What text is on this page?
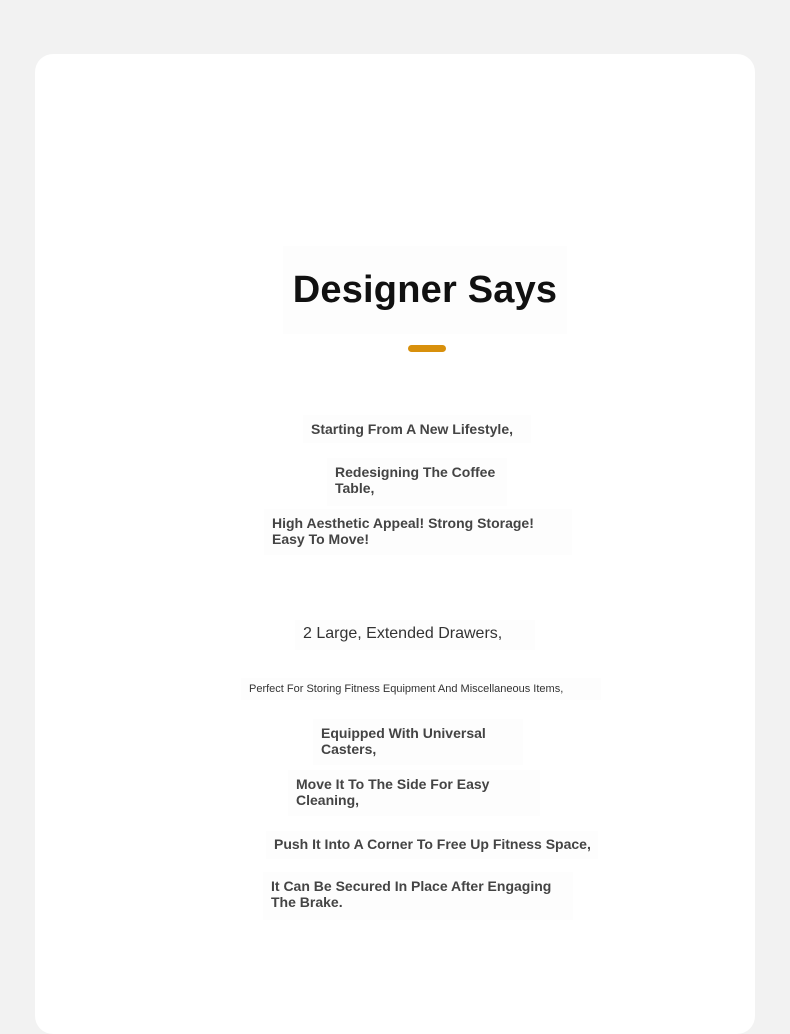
Designer Says
Starting From A New Lifestyle,
Redesigning The Coffee Table,
High Aesthetic Appeal! Strong Storage! Easy To Move!
2 Large, Extended Drawers,
Perfect For Storing Fitness Equipment And Miscellaneous Items,
Equipped With Universal Casters,
Move It To The Side For Easy Cleaning,
Push It Into A Corner To Free Up Fitness Space,
It Can Be Secured In Place After Engaging The Brake.
